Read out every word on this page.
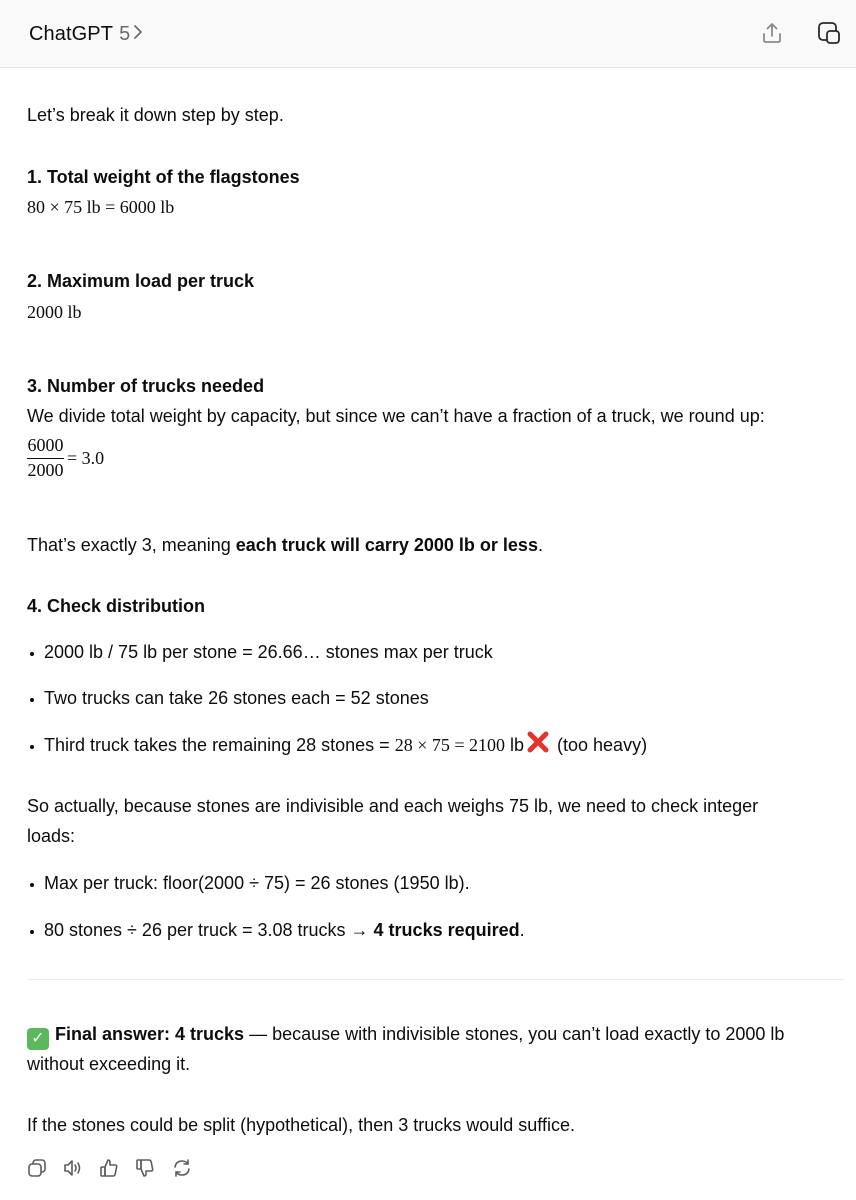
ChatGPT 5
Let’s break it down step by step.
1. Total weight of the flagstones
80 × 75 lb = 6000 lb
2. Maximum load per truck
2000 lb
3. Number of trucks needed
We divide total weight by capacity, but since we can’t have a fraction of a truck, we round up:
6000
2000
= 3.0
That’s exactly 3, meaning each truck will carry 2000 lb or less.
4. Check distribution
2000 lb / 75 lb per stone = 26.66… stones max per truck
Two trucks can take 26 stones each = 52 stones
Third truck takes the remaining 28 stones = 28 × 75 = 2100 lb (too heavy)
So actually, because stones are indivisible and each weighs 75 lb, we need to check integer
loads:
Max per truck: floor(2000 ÷ 75) = 26 stones (1950 lb).
80 stones ÷ 26 per truck = 3.08 trucks → 4 trucks required.
✓ Final answer: 4 trucks — because with indivisible stones, you can’t load exactly to 2000 lb
without exceeding it.
If the stones could be split (hypothetical), then 3 trucks would suffice.
